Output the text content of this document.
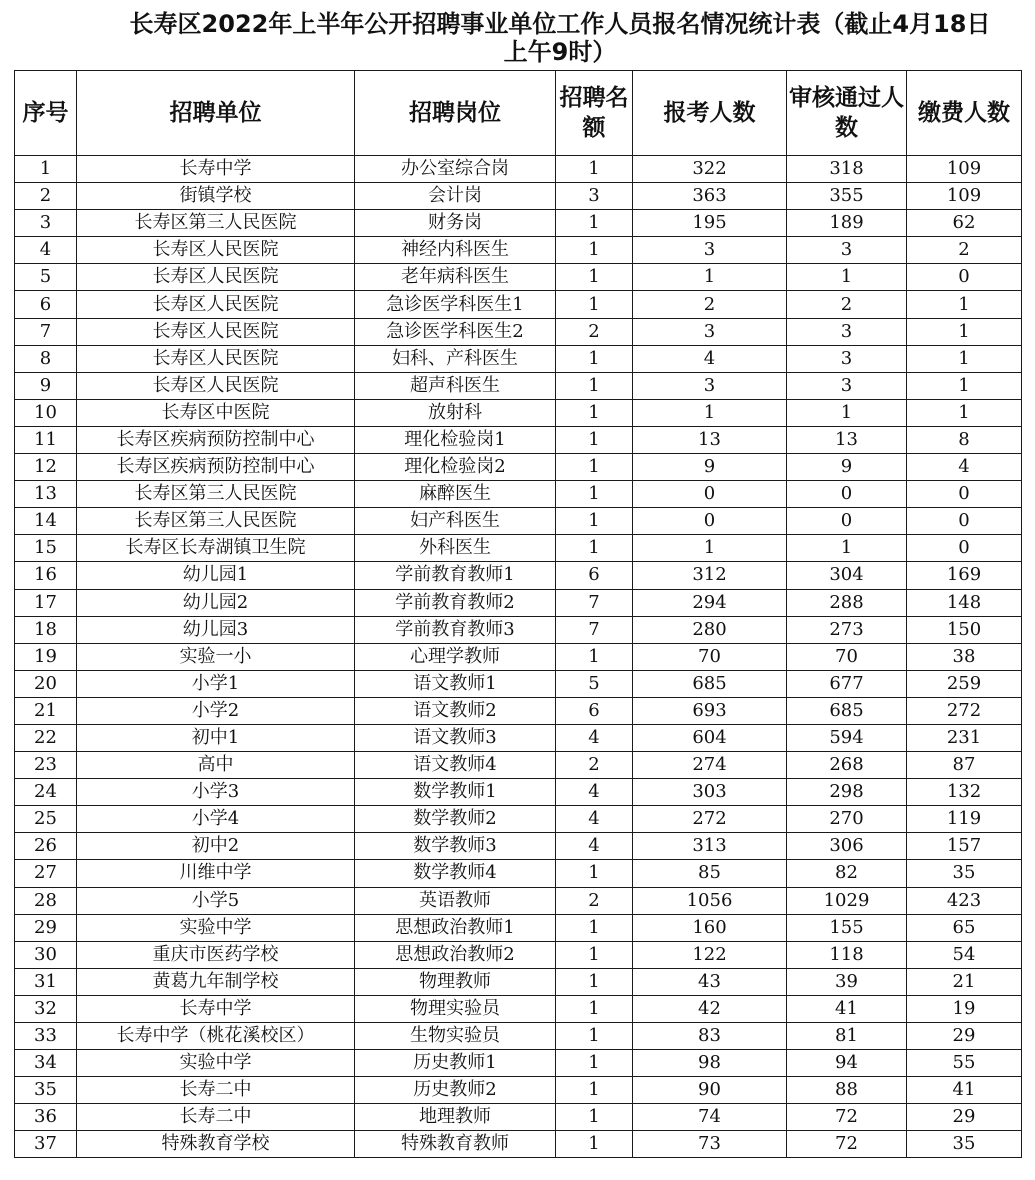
长寿区2022年上半年公开招聘事业单位工作人员报名情况统计表（截止4月18日上午9时）
序号	招聘单位	招聘岗位	招聘名额	报考人数	审核通过人数	缴费人数
1	长寿中学	办公室综合岗	1	322	318	109
2	街镇学校	会计岗	3	363	355	109
3	长寿区第三人民医院	财务岗	1	195	189	62
4	长寿区人民医院	神经内科医生	1	3	3	2
5	长寿区人民医院	老年病科医生	1	1	1	0
6	长寿区人民医院	急诊医学科医生1	1	2	2	1
7	长寿区人民医院	急诊医学科医生2	2	3	3	1
8	长寿区人民医院	妇科、产科医生	1	4	3	1
9	长寿区人民医院	超声科医生	1	3	3	1
10	长寿区中医院	放射科	1	1	1	1
11	长寿区疾病预防控制中心	理化检验岗1	1	13	13	8
12	长寿区疾病预防控制中心	理化检验岗2	1	9	9	4
13	长寿区第三人民医院	麻醉医生	1	0	0	0
14	长寿区第三人民医院	妇产科医生	1	0	0	0
15	长寿区长寿湖镇卫生院	外科医生	1	1	1	0
16	幼儿园1	学前教育教师1	6	312	304	169
17	幼儿园2	学前教育教师2	7	294	288	148
18	幼儿园3	学前教育教师3	7	280	273	150
19	实验一小	心理学教师	1	70	70	38
20	小学1	语文教师1	5	685	677	259
21	小学2	语文教师2	6	693	685	272
22	初中1	语文教师3	4	604	594	231
23	高中	语文教师4	2	274	268	87
24	小学3	数学教师1	4	303	298	132
25	小学4	数学教师2	4	272	270	119
26	初中2	数学教师3	4	313	306	157
27	川维中学	数学教师4	1	85	82	35
28	小学5	英语教师	2	1056	1029	423
29	实验中学	思想政治教师1	1	160	155	65
30	重庆市医药学校	思想政治教师2	1	122	118	54
31	黄葛九年制学校	物理教师	1	43	39	21
32	长寿中学	物理实验员	1	42	41	19
33	长寿中学（桃花溪校区）	生物实验员	1	83	81	29
34	实验中学	历史教师1	1	98	94	55
35	长寿二中	历史教师2	1	90	88	41
36	长寿二中	地理教师	1	74	72	29
37	特殊教育学校	特殊教育教师	1	73	72	35
